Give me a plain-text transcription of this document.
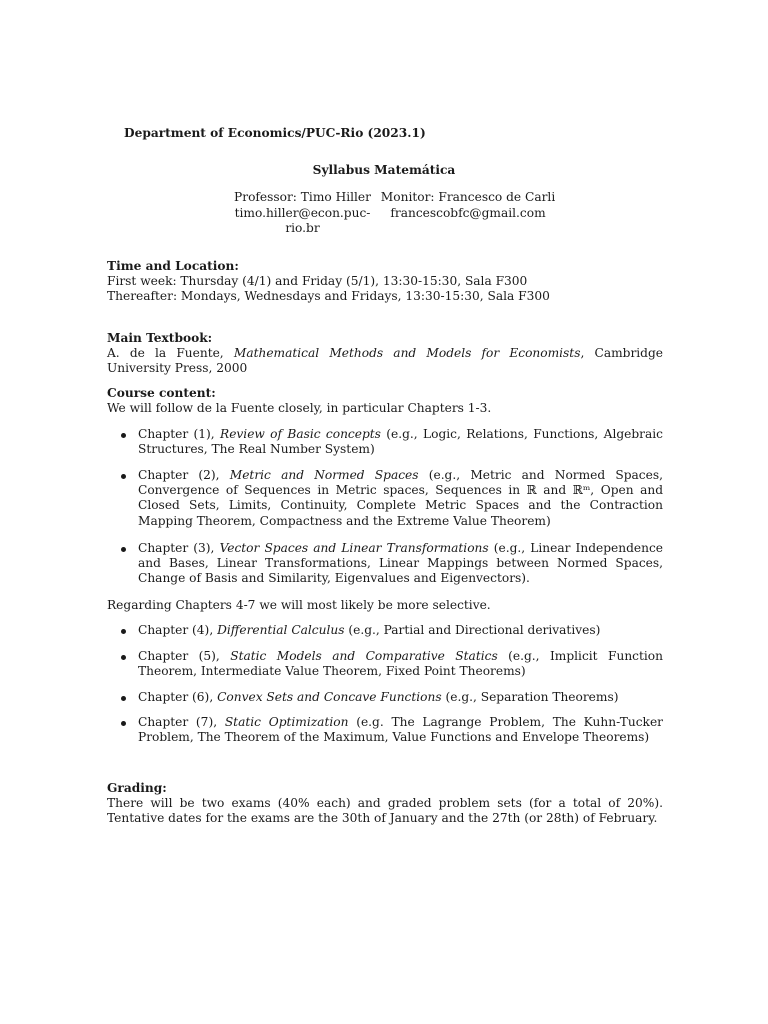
Department of Economics/PUC-Rio (2023.1)
Syllabus Matemática
Professor: Timo Hiller
timo.hiller@econ.puc-rio.br
Monitor: Francesco de Carli
francescobfc@gmail.com
Time and Location:
First week: Thursday (4/1) and Friday (5/1), 13:30-15:30, Sala F300
Thereafter: Mondays, Wednesdays and Fridays, 13:30-15:30, Sala F300
Main Textbook:
A. de la Fuente, Mathematical Methods and Models for Economists, Cambridge University Press, 2000
Course content:
We will follow de la Fuente closely, in particular Chapters 1-3.
Chapter (1), Review of Basic concepts (e.g., Logic, Relations, Functions, Algebraic Structures, The Real Number System)
Chapter (2), Metric and Normed Spaces (e.g., Metric and Normed Spaces, Convergence of Sequences in Metric spaces, Sequences in ℝ and ℝᵐ, Open and Closed Sets, Limits, Continuity, Complete Metric Spaces and the Contraction Mapping Theorem, Compactness and the Extreme Value Theorem)
Chapter (3), Vector Spaces and Linear Transformations (e.g., Linear Independence and Bases, Linear Transformations, Linear Mappings between Normed Spaces, Change of Basis and Similarity, Eigenvalues and Eigenvectors).
Regarding Chapters 4-7 we will most likely be more selective.
Chapter (4), Differential Calculus (e.g., Partial and Directional derivatives)
Chapter (5), Static Models and Comparative Statics (e.g., Implicit Function Theorem, Intermediate Value Theorem, Fixed Point Theorems)
Chapter (6), Convex Sets and Concave Functions (e.g., Separation Theorems)
Chapter (7), Static Optimization (e.g. The Lagrange Problem, The Kuhn-Tucker Problem, The Theorem of the Maximum, Value Functions and Envelope Theorems)
Grading:
There will be two exams (40% each) and graded problem sets (for a total of 20%). Tentative dates for the exams are the 30th of January and the 27th (or 28th) of February.
